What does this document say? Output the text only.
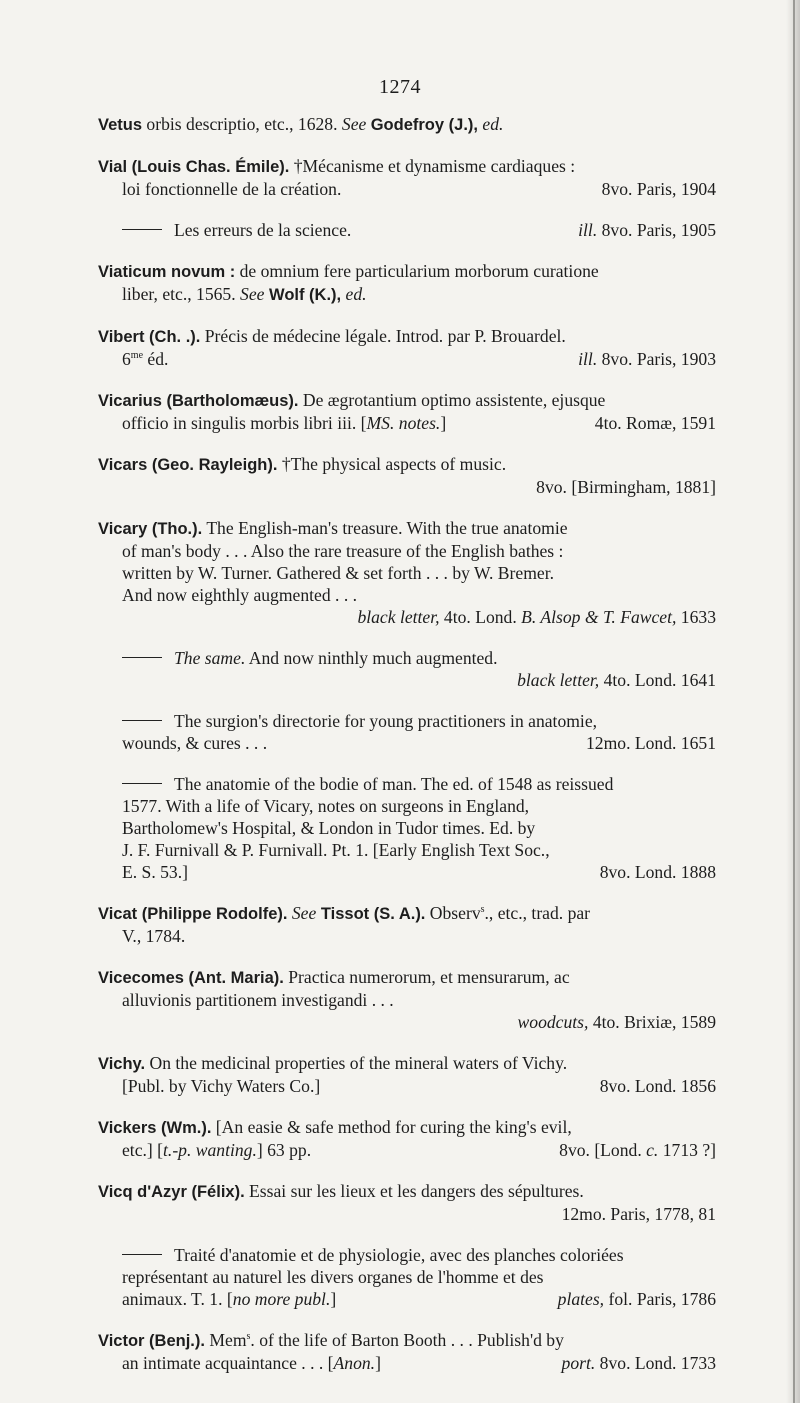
1274
Vetus orbis descriptio, etc., 1628. See Godefroy (J.), ed.
Vial (Louis Chas. Émile). †Mécanisme et dynamisme cardiaques :
loi fonctionnelle de la création.	8vo. Paris, 1904
Les erreurs de la science.	ill. 8vo. Paris, 1905
Viaticum novum : de omnium fere particularium morborum curatione
liber, etc., 1565. See Wolf (K.), ed.
Vibert (Ch. .). Précis de médecine légale. Introd. par P. Brouardel.
$6^{me}$ éd.	ill. 8vo. Paris, 1903
Vicarius (Bartholomæus). De ægrotantium optimo assistente, ejusque
officio in singulis morbis libri iii. [MS. notes.]	4to. Romæ, 1591
Vicars (Geo. Rayleigh). †The physical aspects of music.
8vo. [Birmingham, 1881]
Vicary (Tho.). The English-man's treasure. With the true anatomie
of man's body . . . Also the rare treasure of the English bathes :
written by W. Turner. Gathered & set forth . . . by W. Bremer.
And now eighthly augmented . . .
black letter, 4to. Lond. B. Alsop & T. Fawcet, 1633
The same. And now ninthly much augmented.
black letter, 4to. Lond. 1641
The surgion's directorie for young practitioners in anatomie,
wounds, & cures . . .	12mo. Lond. 1651
The anatomie of the bodie of man. The ed. of 1548 as reissued
1577. With a life of Vicary, notes on surgeons in England,
Bartholomew's Hospital, & London in Tudor times. Ed. by
J. F. Furnivall & P. Furnivall. Pt. 1. [Early English Text Soc.,
E. S. 53.]	8vo. Lond. 1888
Vicat (Philippe Rodolfe). See Tissot (S. A.). Observ$^s$., etc., trad. par
V., 1784.
Vicecomes (Ant. Maria). Practica numerorum, et mensurarum, ac
alluvionis partitionem investigandi . . .
woodcuts, 4to. Brixiæ, 1589
Vichy. On the medicinal properties of the mineral waters of Vichy.
[Publ. by Vichy Waters Co.]	8vo. Lond. 1856
Vickers (Wm.). [An easie & safe method for curing the king's evil,
etc.] [t.-p. wanting.] 63 pp.	8vo. [Lond. c. 1713 ?]
Vicq d'Azyr (Félix). Essai sur les lieux et les dangers des sépultures.
12mo. Paris, 1778, 81
Traité d'anatomie et de physiologie, avec des planches coloriées
représentant au naturel les divers organes de l'homme et des
animaux. T. 1. [no more publ.]	plates, fol. Paris, 1786
Victor (Benj.). Mem$^s$. of the life of Barton Booth . . . Publish'd by
an intimate acquaintance . . . [Anon.]	port. 8vo. Lond. 1733
